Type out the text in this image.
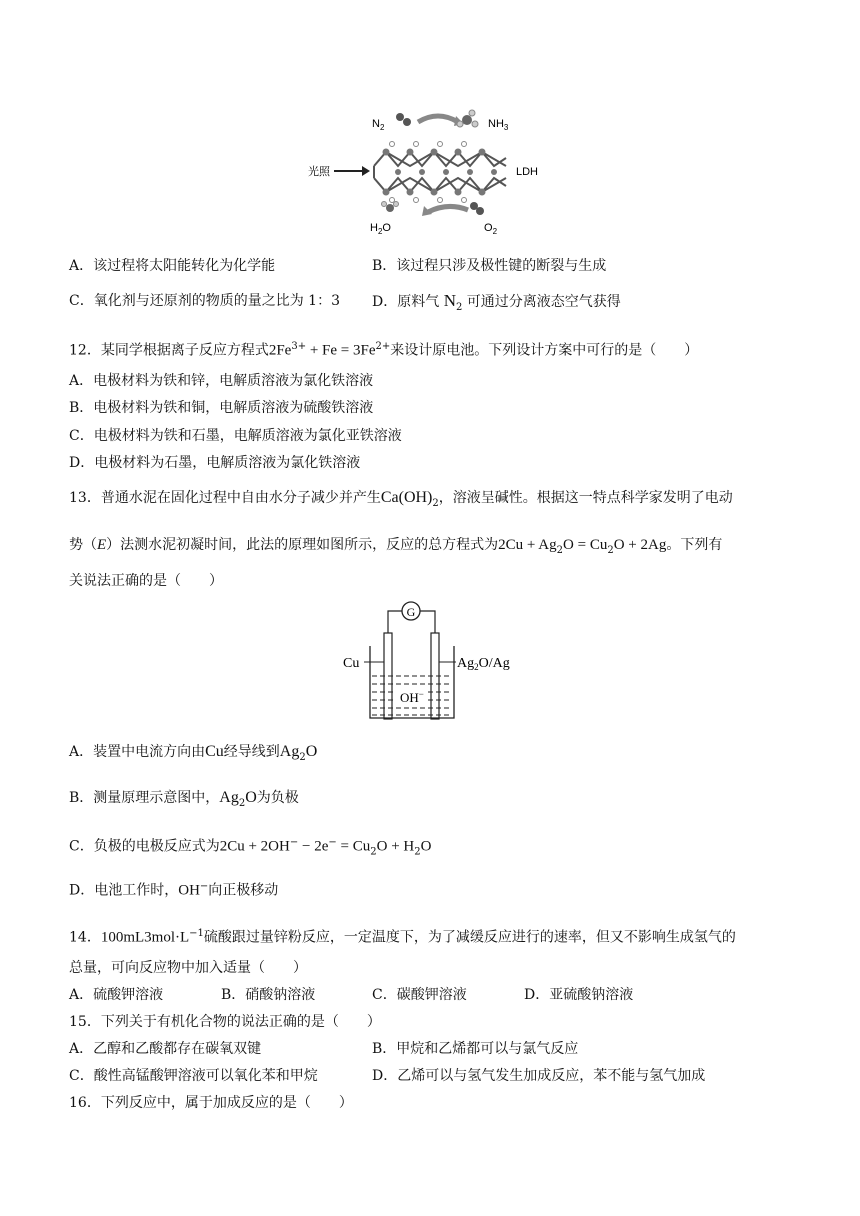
$N_2$	$NH_3$
光照	LDH
$H_2O$	$O_2$
A．该过程将太阳能转化为化学能	B．该过程只涉及极性键的断裂与生成
C．氧化剂与还原剂的物质的量之比为 1：3 D．原料气 $N_2$ 可通过分离液态空气获得
12．某同学根据离子反应方程式$2Fe^{3+} + Fe = 3Fe^{2+}$来设计原电池。下列设计方案中可行的是（　　）
A．电极材料为铁和锌，电解质溶液为氯化铁溶液
B．电极材料为铁和铜，电解质溶液为硫酸铁溶液
C．电极材料为铁和石墨，电解质溶液为氯化亚铁溶液
D．电极材料为石墨，电解质溶液为氯化铁溶液
13．普通水泥在固化过程中自由水分子减少并产生$Ca(OH)_2$，溶液呈碱性。根据这一特点科学家发明了电动
势（E）法测水泥初凝时间，此法的原理如图所示，反应的总方程式为$2Cu + Ag_2O = Cu_2O + 2Ag$。下列有
关说法正确的是（　　）
G
OH−
Cu	$Ag_2O/Ag$
A．装置中电流方向由Cu经导线到$Ag_2O$
B．测量原理示意图中，$Ag_2O$为负极
C．负极的电极反应式为$2Cu + 2OH^- - 2e^- = Cu_2O + H_2O$
D．电池工作时，OH−向正极移动
14．$100mL3mol\cdot L^{-1}$硫酸跟过量锌粉反应，一定温度下，为了减缓反应进行的速率，但又不影响生成氢气的
总量，可向反应物中加入适量（　　）
A．硫酸钾溶液	B．硝酸钠溶液	C．碳酸钾溶液	D．亚硫酸钠溶液
15．下列关于有机化合物的说法正确的是（　　）
A．乙醇和乙酸都存在碳氧双键	B．甲烷和乙烯都可以与氯气反应
C．酸性高锰酸钾溶液可以氧化苯和甲烷	D．乙烯可以与氢气发生加成反应，苯不能与氢气加成
16．下列反应中，属于加成反应的是（　　）
